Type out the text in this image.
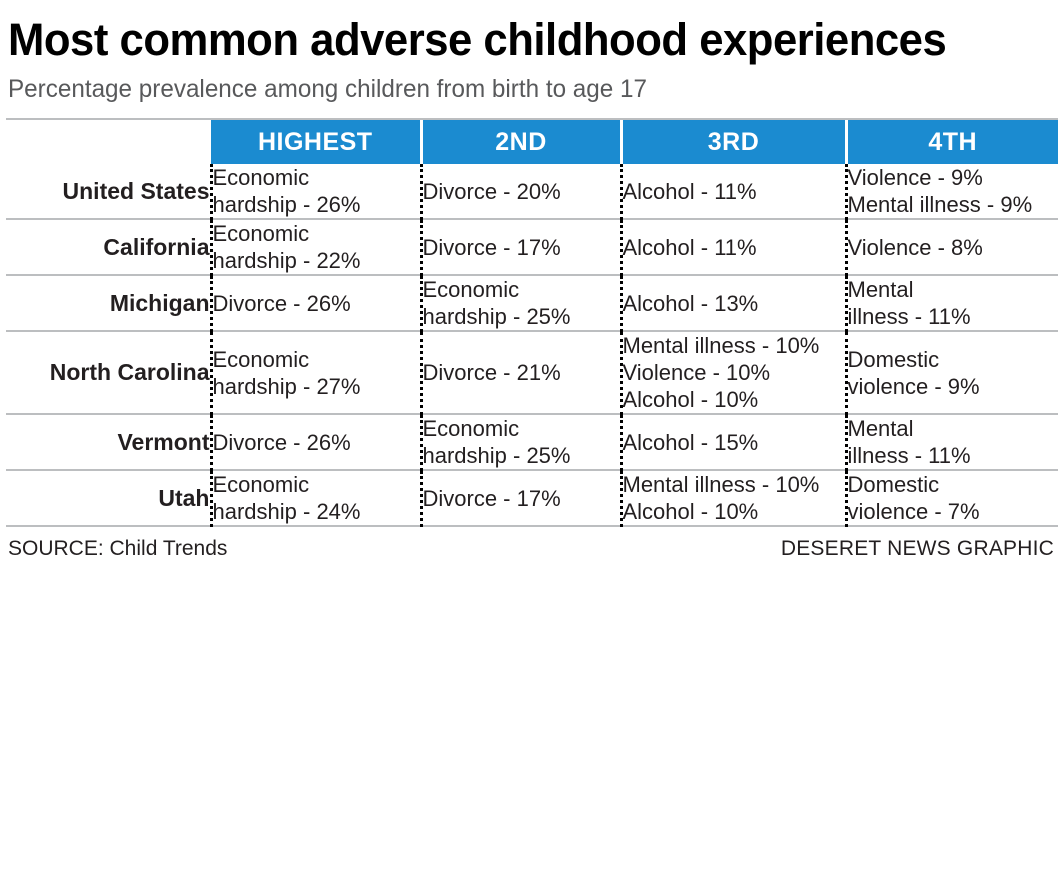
Most common adverse childhood experiences
Percentage prevalence among children from birth to age 17
	HIGHEST	2ND	3RD	4TH
United States	Economic
hardship - 26%	Divorce - 20%	Alcohol - 11%	Violence - 9%
Mental illness - 9%

California	Economic
hardship - 22%	Divorce - 17%	Alcohol - 11%	Violence - 8%

Michigan	Divorce - 26%	Economic
hardship - 25%	Alcohol - 13%	Mental
illness - 11%

North Carolina	Economic
hardship - 27%	Divorce - 21%	Mental illness - 10%
Violence - 10%
Alcohol - 10%	Domestic
violence - 9%

Vermont	Divorce - 26%	Economic
hardship - 25%	Alcohol - 15%	Mental
illness - 11%

Utah	Economic
hardship - 24%	Divorce - 17%	Mental illness - 10%
Alcohol - 10%	Domestic
violence - 7%
SOURCE: Child Trends	DESERET NEWS GRAPHIC
